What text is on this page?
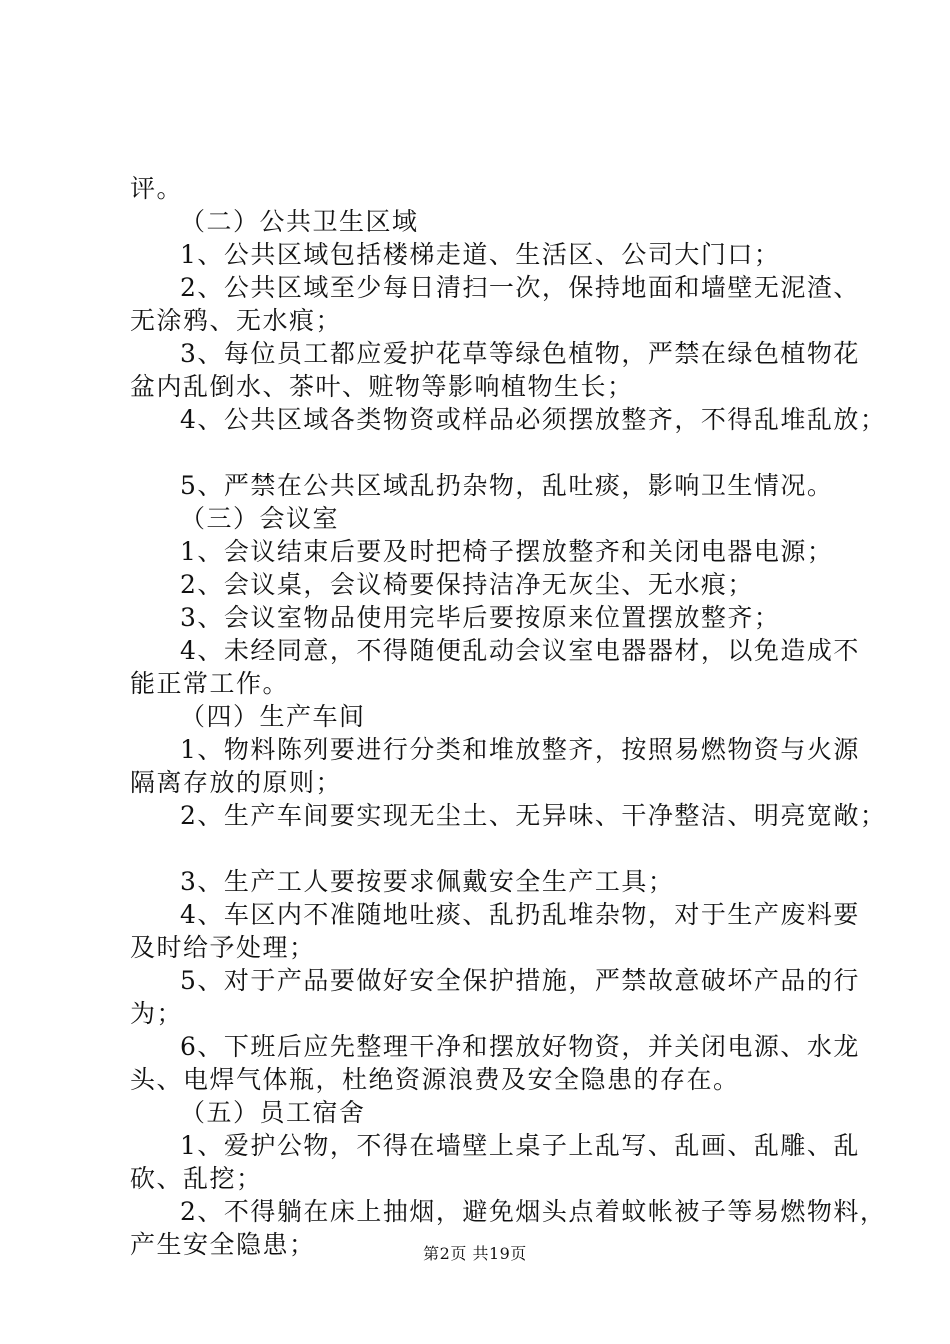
评。
（二）公共卫生区域
1、公共区域包括楼梯走道、生活区、公司大门口；
2、公共区域至少每日清扫一次，保持地面和墙壁无泥渣、
无涂鸦、无水痕；
3、每位员工都应爱护花草等绿色植物，严禁在绿色植物花
盆内乱倒水、茶叶、赃物等影响植物生长；
4、公共区域各类物资或样品必须摆放整齐，不得乱堆乱放；
5、严禁在公共区域乱扔杂物，乱吐痰，影响卫生情况。
（三）会议室
1、会议结束后要及时把椅子摆放整齐和关闭电器电源；
2、会议桌，会议椅要保持洁净无灰尘、无水痕；
3、会议室物品使用完毕后要按原来位置摆放整齐；
4、未经同意，不得随便乱动会议室电器器材，以免造成不
能正常工作。
（四）生产车间
1、物料陈列要进行分类和堆放整齐，按照易燃物资与火源
隔离存放的原则；
2、生产车间要实现无尘土、无异味、干净整洁、明亮宽敞；
3、生产工人要按要求佩戴安全生产工具；
4、车区内不准随地吐痰、乱扔乱堆杂物，对于生产废料要
及时给予处理；
5、对于产品要做好安全保护措施，严禁故意破坏产品的行
为；
6、下班后应先整理干净和摆放好物资，并关闭电源、水龙
头、电焊气体瓶，杜绝资源浪费及安全隐患的存在。
（五）员工宿舍
1、爱护公物，不得在墙壁上桌子上乱写、乱画、乱雕、乱
砍、乱挖；
2、不得躺在床上抽烟，避免烟头点着蚊帐被子等易燃物料，
产生安全隐患；	第2页 共19页
